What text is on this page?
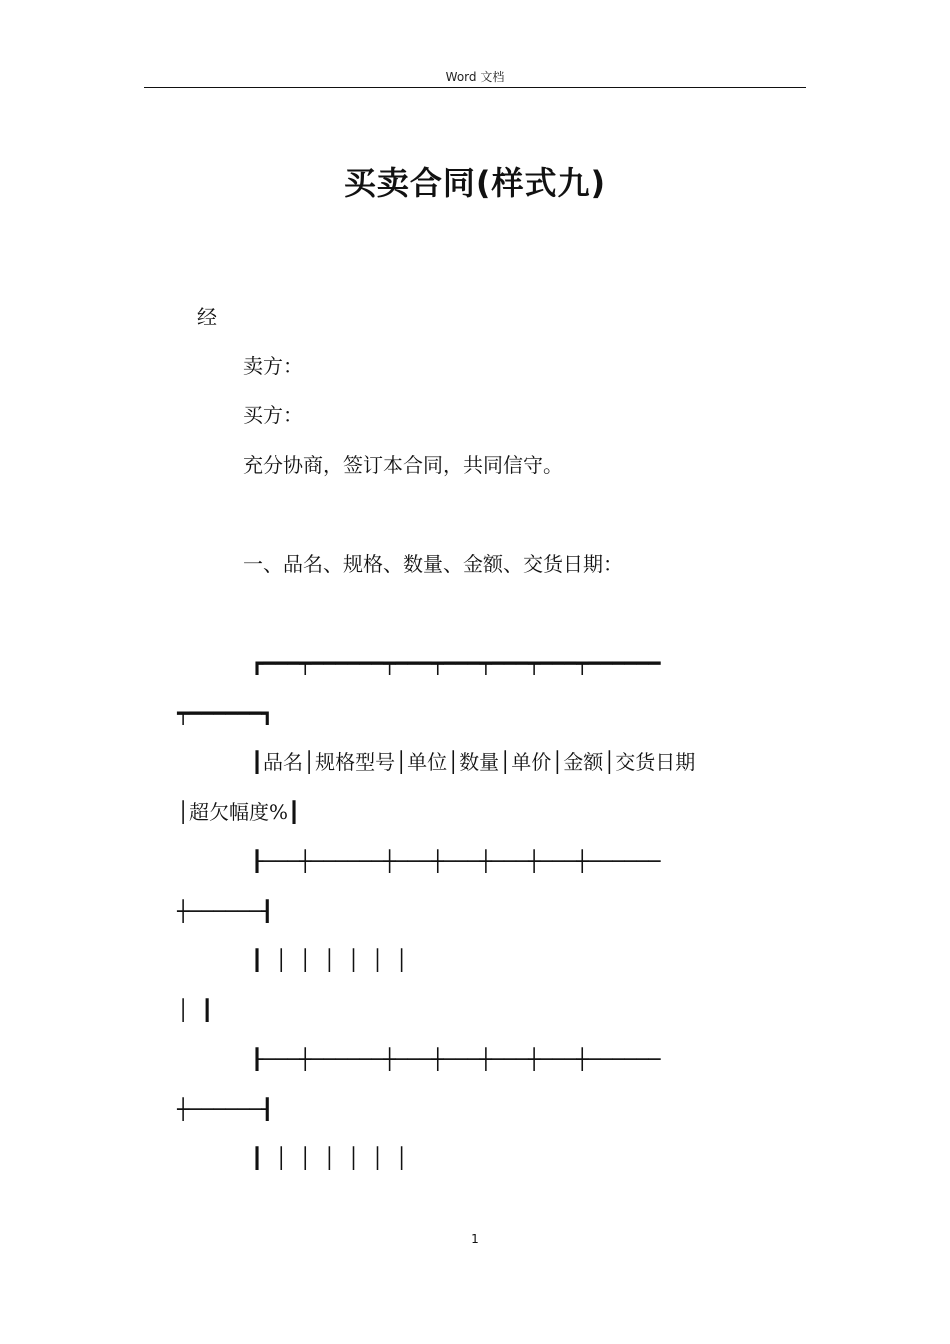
Word 文档
买卖合同(样式九)
经
卖方：
买方：
充分协商，签订本合同，共同信守。
一、品名、规格、数量、金额、交货日期：
┏━━━┯━━━━━━┯━━━┯━━━┯━━━┯━━━┯━━━━━━
┯━━━━━━┓
┃品名│规格型号│单位│数量│单价│金额│交货日期
│超欠幅度%┃
┠───┼──────┼───┼───┼───┼───┼──────
┼──────┨
┃ │ │ │ │ │ │
│ ┃
┠───┼──────┼───┼───┼───┼───┼──────
┼──────┨
┃ │ │ │ │ │ │
1
